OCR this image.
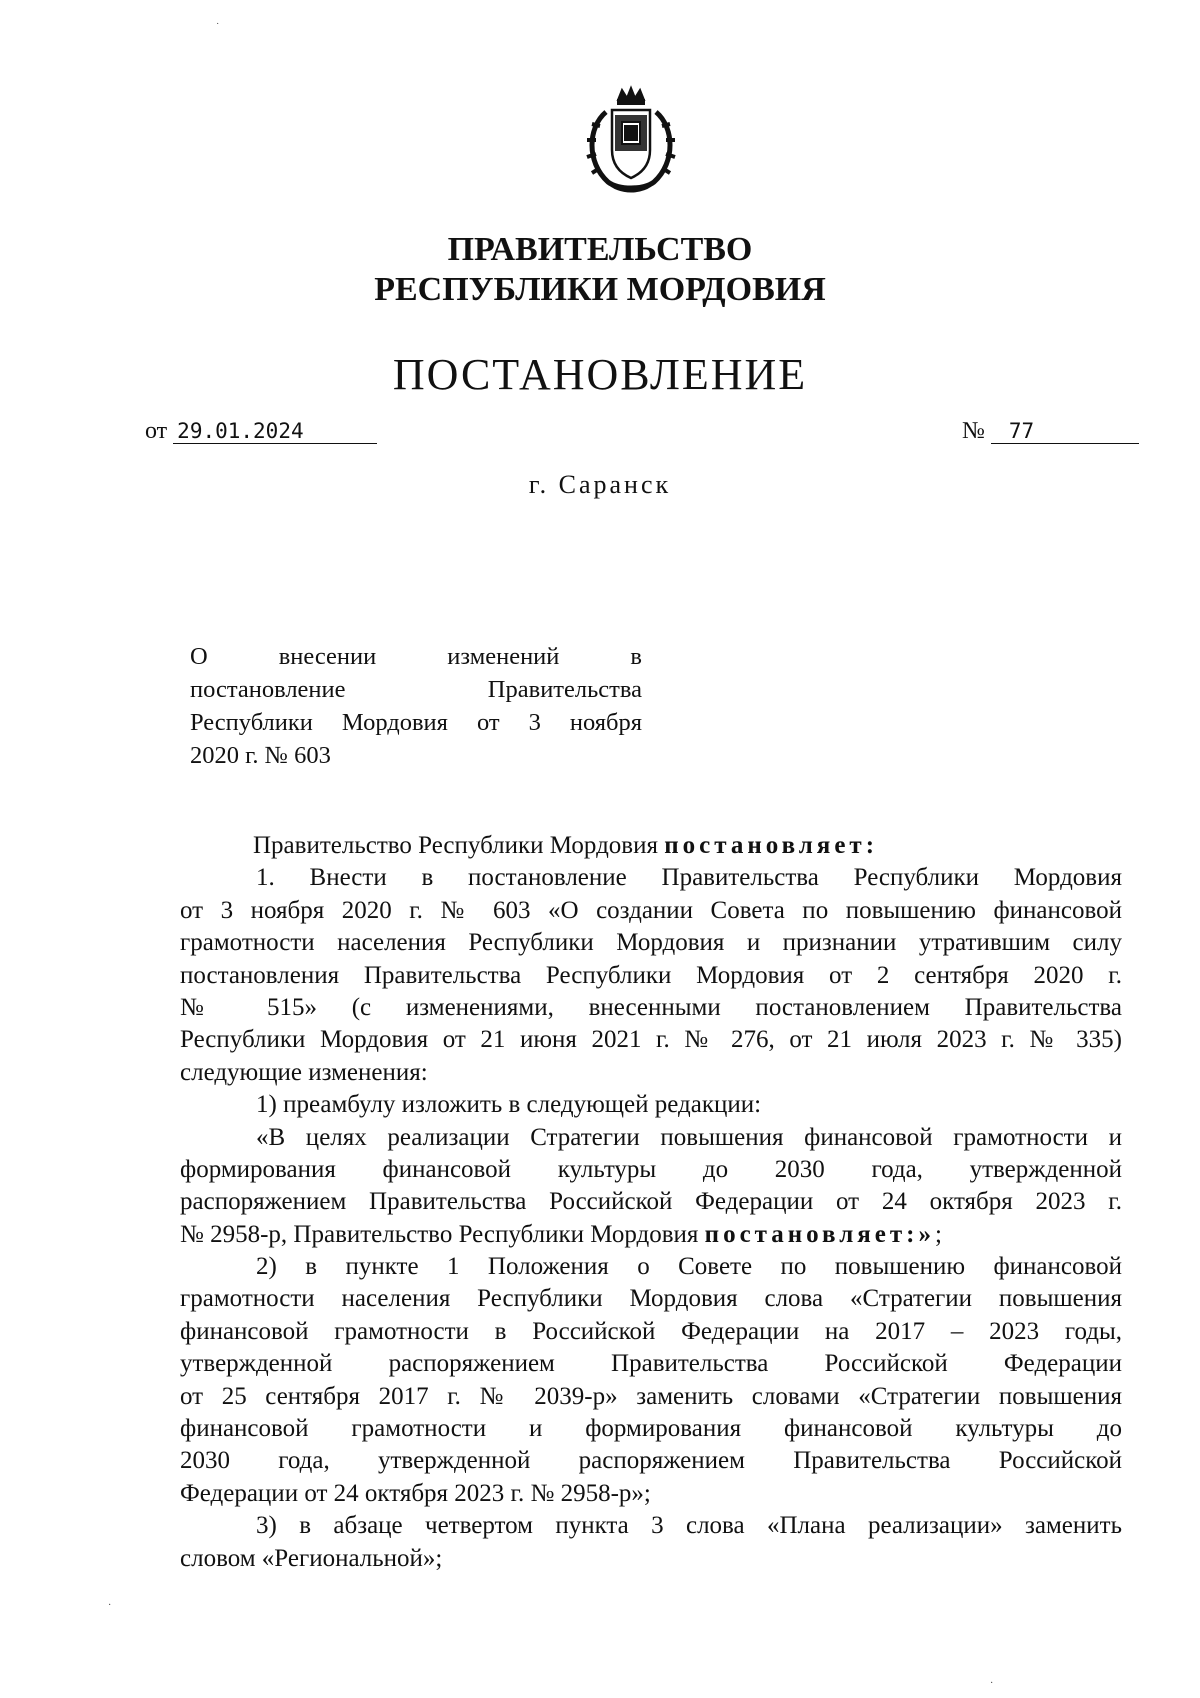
ПРАВИТЕЛЬСТВО
РЕСПУБЛИКИ МОРДОВИЯ
ПОСТАНОВЛЕНИЕ
от 29.01.2024	№ 77
г. Саранск
О внесении изменений в
постановление Правительства
Республики Мордовия от 3 ноября
2020 г. № 603
Правительство Республики Мордовия постановляет:
1. Внести в постановление Правительства Республики Мордовия
от 3 ноября 2020 г. № 603 «О создании Совета по повышению финансовой
грамотности населения Республики Мордовия и признании утратившим силу
постановления Правительства Республики Мордовия от 2 сентября 2020 г.
№ 515» (с изменениями, внесенными постановлением Правительства
Республики Мордовия от 21 июня 2021 г. № 276, от 21 июля 2023 г. № 335)
следующие изменения:
1) преамбулу изложить в следующей редакции:
«В целях реализации Стратегии повышения финансовой грамотности и
формирования финансовой культуры до 2030 года, утвержденной
распоряжением Правительства Российской Федерации от 24 октября 2023 г.
№ 2958-р, Правительство Республики Мордовия постановляет:»;
2) в пункте 1 Положения о Совете по повышению финансовой
грамотности населения Республики Мордовия слова «Стратегии повышения
финансовой грамотности в Российской Федерации на 2017 – 2023 годы,
утвержденной распоряжением Правительства Российской Федерации
от 25 сентября 2017 г. № 2039-р» заменить словами «Стратегии повышения
финансовой грамотности и формирования финансовой культуры до
2030 года, утвержденной распоряжением Правительства Российской
Федерации от 24 октября 2023 г. № 2958-р»;
3) в абзаце четвертом пункта 3 слова «Плана реализации» заменить
словом «Региональной»;
˙
·
·
